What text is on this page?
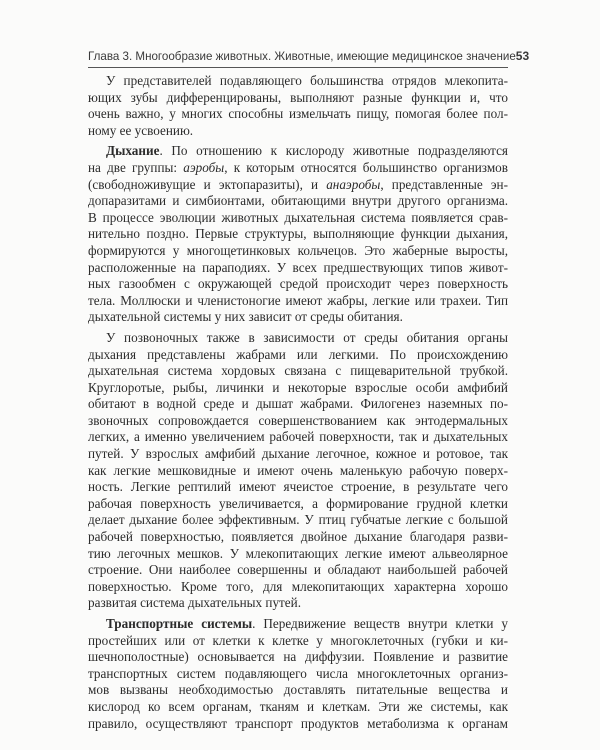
Глава 3. Многообразие животных. Животные, имеющие медицинское значение 53
У представителей подавляющего большинства отрядов млекопита-
ющих зубы дифференцированы, выполняют разные функции и, что
очень важно, у многих способны измельчать пищу, помогая более пол-
ному ее усвоению.
Дыхание. По отношению к кислороду животные подразделяются
на две группы: аэробы, к которым относятся большинство организмов
(свободноживущие и эктопаразиты), и анаэробы, представленные эн-
допаразитами и симбионтами, обитающими внутри другого организма.
В процессе эволюции животных дыхательная система появляется срав-
нительно поздно. Первые структуры, выполняющие функции дыхания,
формируются у многощетинковых кольчецов. Это жаберные выросты,
расположенные на параподиях. У всех предшествующих типов живот-
ных газообмен с окружающей средой происходит через поверхность
тела. Моллюски и членистоногие имеют жабры, легкие или трахеи. Тип
дыхательной системы у них зависит от среды обитания.
У позвоночных также в зависимости от среды обитания органы
дыхания представлены жабрами или легкими. По происхождению
дыхательная система хордовых связана с пищеварительной трубкой.
Круглоротые, рыбы, личинки и некоторые взрослые особи амфибий
обитают в водной среде и дышат жабрами. Филогенез наземных по-
звоночных сопровождается совершенствованием как энтодермальных
легких, а именно увеличением рабочей поверхности, так и дыхательных
путей. У взрослых амфибий дыхание легочное, кожное и ротовое, так
как легкие мешковидные и имеют очень маленькую рабочую поверх-
ность. Легкие рептилий имеют ячеистое строение, в результате чего
рабочая поверхность увеличивается, а формирование грудной клетки
делает дыхание более эффективным. У птиц губчатые легкие с большой
рабочей поверхностью, появляется двойное дыхание благодаря разви-
тию легочных мешков. У млекопитающих легкие имеют альвеолярное
строение. Они наиболее совершенны и обладают наибольшей рабочей
поверхностью. Кроме того, для млекопитающих характерна хорошо
развитая система дыхательных путей.
Транспортные системы. Передвижение веществ внутри клетки у
простейших или от клетки к клетке у многоклеточных (губки и ки-
шечнополостные) основывается на диффузии. Появление и развитие
транспортных систем подавляющего числа многоклеточных организ-
мов вызваны необходимостью доставлять питательные вещества и
кислород ко всем органам, тканям и клеткам. Эти же системы, как
правило, осуществляют транспорт продуктов метаболизма к органам
